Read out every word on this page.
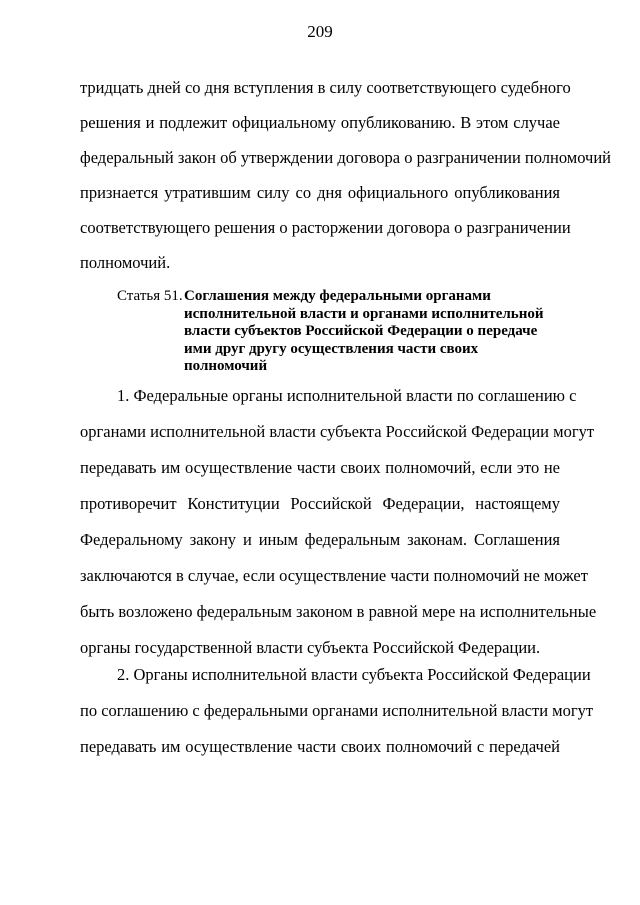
209
тридцать дней со дня вступления в силу соответствующего судебного
решения и подлежит официальному опубликованию. В этом случае
федеральный закон об утверждении договора о разграничении полномочий
признается утратившим силу со дня официального опубликования
соответствующего решения о расторжении договора о разграничении
полномочий.
Статья 51. Соглашения между федеральными органами
исполнительной власти и органами исполнительной
власти субъектов Российской Федерации о передаче
ими друг другу осуществления части своих
полномочий
1. Федеральные органы исполнительной власти по соглашению с
органами исполнительной власти субъекта Российской Федерации могут
передавать им осуществление части своих полномочий, если это не
противоречит Конституции Российской Федерации, настоящему
Федеральному закону и иным федеральным законам. Соглашения
заключаются в случае, если осуществление части полномочий не может
быть возложено федеральным законом в равной мере на исполнительные
органы государственной власти субъекта Российской Федерации.
2. Органы исполнительной власти субъекта Российской Федерации
по соглашению с федеральными органами исполнительной власти могут
передавать им осуществление части своих полномочий с передачей
